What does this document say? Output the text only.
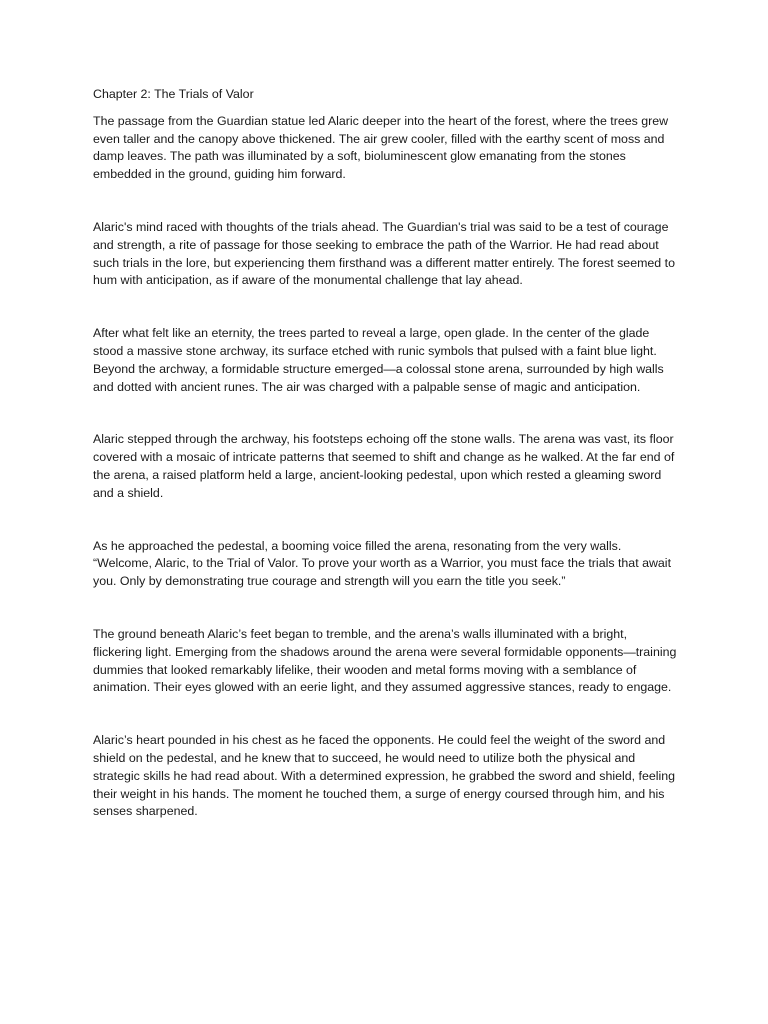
Chapter 2: The Trials of Valor

The passage from the Guardian statue led Alaric deeper into the heart of the forest, where the trees grew even taller and the canopy above thickened. The air grew cooler, filled with the earthy scent of moss and damp leaves. The path was illuminated by a soft, bioluminescent glow emanating from the stones embedded in the ground, guiding him forward.

Alaric's mind raced with thoughts of the trials ahead. The Guardian's trial was said to be a test of courage and strength, a rite of passage for those seeking to embrace the path of the Warrior. He had read about such trials in the lore, but experiencing them firsthand was a different matter entirely. The forest seemed to hum with anticipation, as if aware of the monumental challenge that lay ahead.

After what felt like an eternity, the trees parted to reveal a large, open glade. In the center of the glade stood a massive stone archway, its surface etched with runic symbols that pulsed with a faint blue light. Beyond the archway, a formidable structure emerged—a colossal stone arena, surrounded by high walls and dotted with ancient runes. The air was charged with a palpable sense of magic and anticipation.

Alaric stepped through the archway, his footsteps echoing off the stone walls. The arena was vast, its floor covered with a mosaic of intricate patterns that seemed to shift and change as he walked. At the far end of the arena, a raised platform held a large, ancient-looking pedestal, upon which rested a gleaming sword and a shield.

As he approached the pedestal, a booming voice filled the arena, resonating from the very walls. “Welcome, Alaric, to the Trial of Valor. To prove your worth as a Warrior, you must face the trials that await you. Only by demonstrating true courage and strength will you earn the title you seek.”

The ground beneath Alaric’s feet began to tremble, and the arena’s walls illuminated with a bright, flickering light. Emerging from the shadows around the arena were several formidable opponents—training dummies that looked remarkably lifelike, their wooden and metal forms moving with a semblance of animation. Their eyes glowed with an eerie light, and they assumed aggressive stances, ready to engage.

Alaric’s heart pounded in his chest as he faced the opponents. He could feel the weight of the sword and shield on the pedestal, and he knew that to succeed, he would need to utilize both the physical and strategic skills he had read about. With a determined expression, he grabbed the sword and shield, feeling their weight in his hands. The moment he touched them, a surge of energy coursed through him, and his senses sharpened.
